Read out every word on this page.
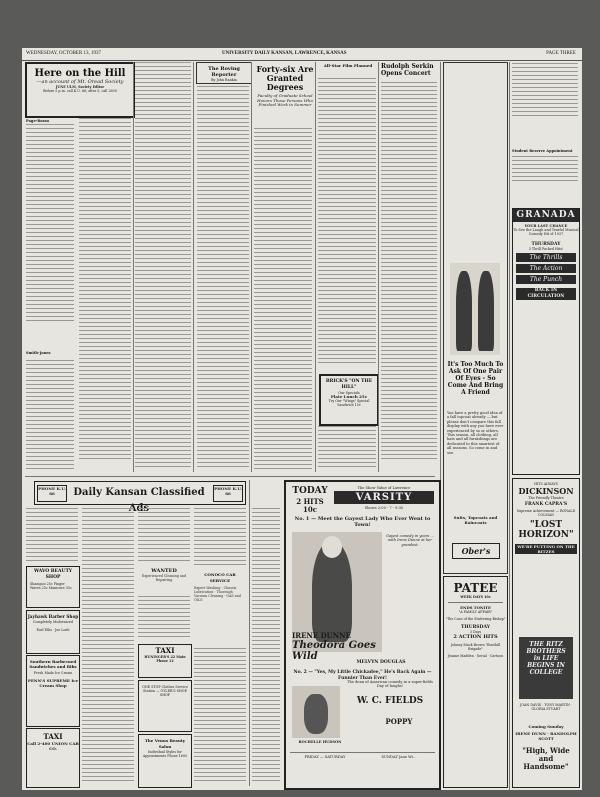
WEDNESDAY, OCTOBER 13, 1937	UNIVERSITY DAILY KANSAN, LAWRENCE, KANSAS	PAGE THREE
Here on the Hill
—an account of Mt. Oread Society
JUNE ULM, Society Editor
Before 5 p.m. call K.U. 66; after 5, call 2600
Page-Rosso
Smith-Jones
The Roving Reporter
By John Rankin
Forty-six Are Granted Degrees
Faculty of Graduate School Honors Those Persons Who Finished Work in Summer
All-Star Film Planned
BRICK'S "ON THE HILL"
Our Specials
Plate Lunch 25c
Try Our "Wings" Special Sandwich 15c
Rudolph Serkin Opens Concert
It's Too Much To Ask Of One Pair Of Eyes - So Come And Bring A Friend
You have a pretty good idea of a fall topcoat already — but please don't compare this fall display with any you have ever experienced by so or others. This season, all clothing, all hats and all furnishings are dedicated to this smartest of all seasons. So come in and see.
Suits, Topcoats and Raincoats
Ober's
Student Reserve Appointment
GRANADA
YOUR LAST CHANCE
To See the Laugh and Tearful Musical Comedy Hit of 1937
THURSDAY
3 Thrill Packed Hits!
The Thrills
The Action
The Punch
BACK IN CIRCULATION
PHONE K.U. 66	Daily Kansan Classified	PHONE K.U. 66
WAVO BEAUTY SHOP
Shampoo 25c Finger Waves 25c Manicure 35c
Jayhawk Barber Shop
Completely Modernized
Earl Ellis · Joe Loeb
Southern Barbecued Sandwiches and Ribs
Fresh Made Ice Cream
PENN'S SUPREME Ice Cream Shop
TAXI
Call 2-400 UNION CAB CO.
WANTED
Experienced Cleaning and Repairing
TAXI
HUNINGER'S 22 Main Phone 12
ONE STOP Clothes Service Station — OYLER'S SHOE SHOP
The Venus Beauty Salon
Individual Styles for Appointments Phone 1600
CONOCO CAR SERVICE
Expert Washing · Chassis Lubrication · Thorough Vacuum Cleaning · GAS and OILS
TODAY
2 HITS 10c
The Show Value of Lawrence
VARSITY
Shows 2:00 - 7 - 9:30
No. 1 — Meet the Gayest Lady Who Ever Went to Town!
Gayest comedy in years … with Irene Dunne at her grandest.
IRENE DUNNE
Theodora Goes Wild
MELVYN DOUGLAS
No. 2 — "Yes, My Little Chickadee," He's Back Again — Funnier Than Ever!
The dean of American comedy in a super-fields Day of laughs!
W. C. FIELDS
POPPY
ROCHELLE HUDSON
FRIDAY — SATURDAY	SUNDAY Jane Wi…
PATEE
WEEK DAYS 10c
ENDS TONITE
"A FAMILY AFFAIR"
"The Case of the Stuttering Bishop"
THURSDAY
3 Days
2 ACTION HITS
Johnny Mack Brown "Boothill Brigade"
Jeanne Madden · Serial · Cartoon
HITS ALWAYS
DICKINSON
The Friendly Theatre
FRANK CAPRA'S
Supreme Achievement — RONALD COLMAN
"LOST HORIZON"
WE'RE PUTTING ON THE RITZES
THE RITZ BROTHERS in LIFE BEGINS IN COLLEGE
JOAN DAVIS · TONY MARTIN · GLORIA STUART
Coming Sunday
IRENE DUNN · RANDOLPH SCOTT
"High, Wide and Handsome"
